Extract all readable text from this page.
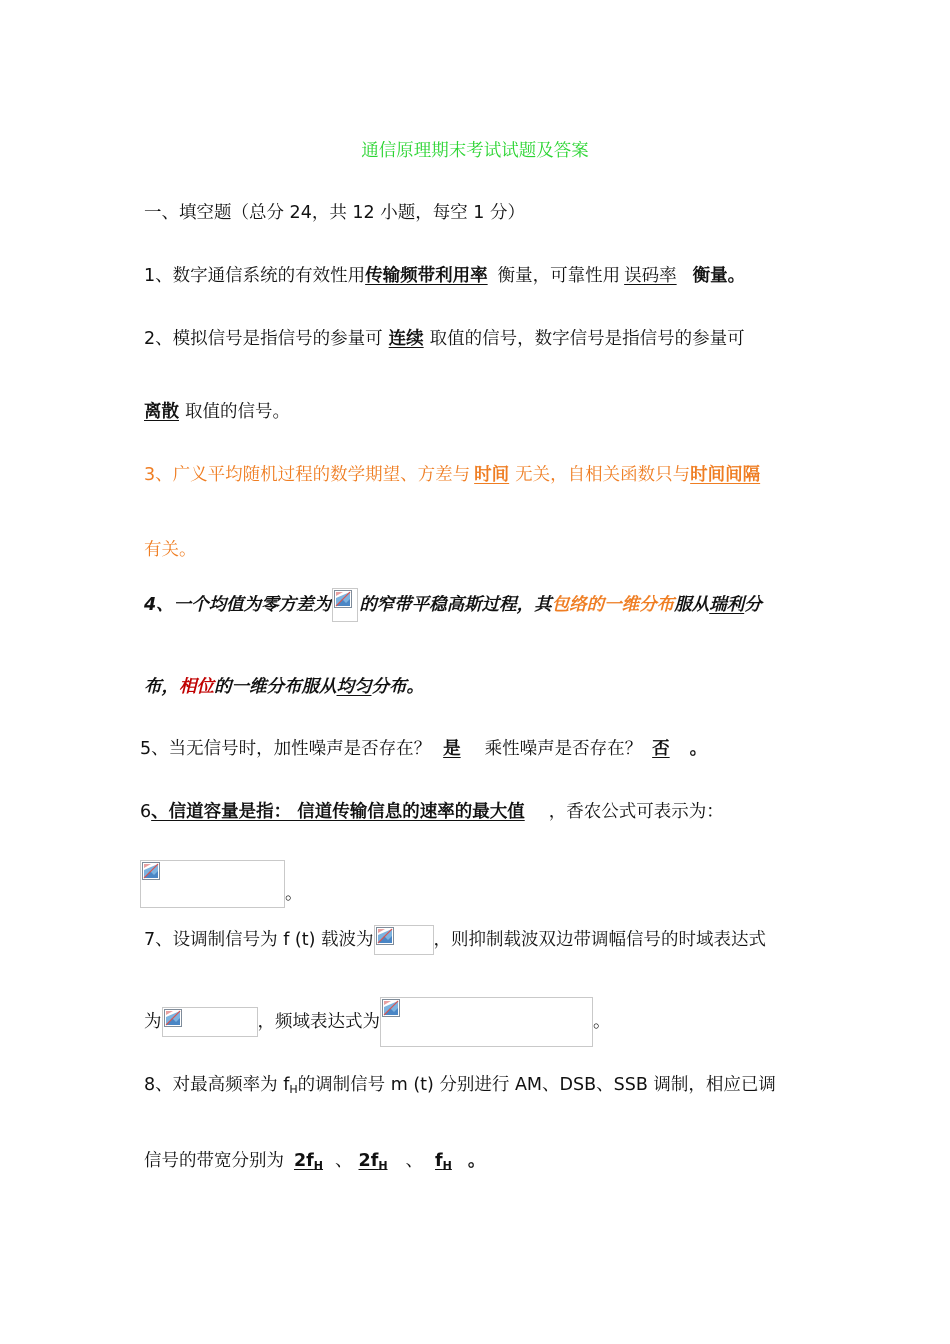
通信原理期末考试试题及答案
一、填空题（总分 24，共 12 小题，每空 1 分）
1、数字通信系统的有效性用传输频带利用率 衡量，可靠性用 误码率 衡量。
2、模拟信号是指信号的参量可 连续 取值的信号，数字信号是指信号的参量可
离散 取值的信号。
3、广义平均随机过程的数学期望、方差与 时间 无关，自相关函数只与时间间隔
有关。
4、一个均值为零方差为 的窄带平稳高斯过程，其包络的一维分布服从瑞利分
布，相位的一维分布服从均匀分布。
5、当无信号时，加性噪声是否存在？ 是 乘性噪声是否存在？ 否 。
6、信道容量是指： 信道传输信息的速率的最大值 ，香农公式可表示为：
。
7、设调制信号为 f (t) 载波为	，则抑制载波双边带调幅信号的时域表达式
为	，频域表达式为	。
8、对最高频率为 $f_H$的调制信号 m (t) 分别进行 AM、DSB、SSB 调制，相应已调
信号的带宽分别为 $2f_H$ 、 $2f_H$ 、 $f_H$ 。
